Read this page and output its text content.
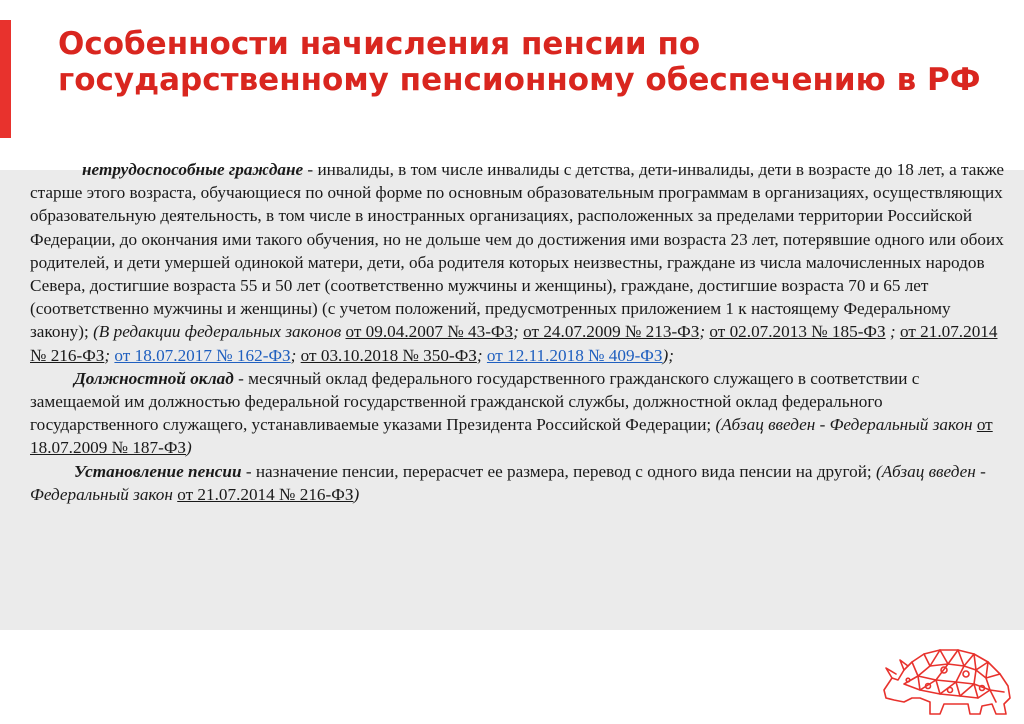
Особенности начисления пенсии по государственному пенсионному обеспечению в РФ

нетрудоспособные граждане - инвалиды, в том числе инвалиды с детства, дети-инвалиды, дети в возрасте до 18 лет, а также старше этого возраста, обучающиеся по очной форме по основным образовательным программам в организациях, осуществляющих образовательную деятельность, в том числе в иностранных организациях, расположенных за пределами территории Российской Федерации, до окончания ими такого обучения, но не дольше чем до достижения ими возраста 23 лет, потерявшие одного или обоих родителей, и дети умершей одинокой матери, дети, оба родителя которых неизвестны, граждане из числа малочисленных народов Севера, достигшие возраста 55 и 50 лет (соответственно мужчины и женщины), граждане, достигшие возраста 70 и 65 лет (соответственно мужчины и женщины) (с учетом положений, предусмотренных приложением 1 к настоящему Федеральному закону); (В редакции федеральных законов от 09.04.2007 № 43-ФЗ; от 24.07.2009 № 213-ФЗ; от 02.07.2013 № 185-ФЗ ; от 21.07.2014 № 216-ФЗ; от 18.07.2017 № 162-ФЗ; от 03.10.2018 № 350-ФЗ; от 12.11.2018 № 409-ФЗ);

Должностной оклад - месячный оклад федерального государственного гражданского служащего в соответствии с замещаемой им должностью федеральной государственной гражданской службы, должностной оклад федерального государственного служащего, устанавливаемые указами Президента Российской Федерации; (Абзац введен - Федеральный закон от 18.07.2009 № 187-ФЗ)

Установление пенсии - назначение пенсии, перерасчет ее размера, перевод с одного вида пенсии на другой; (Абзац введен - Федеральный закон от 21.07.2014 № 216-ФЗ)
